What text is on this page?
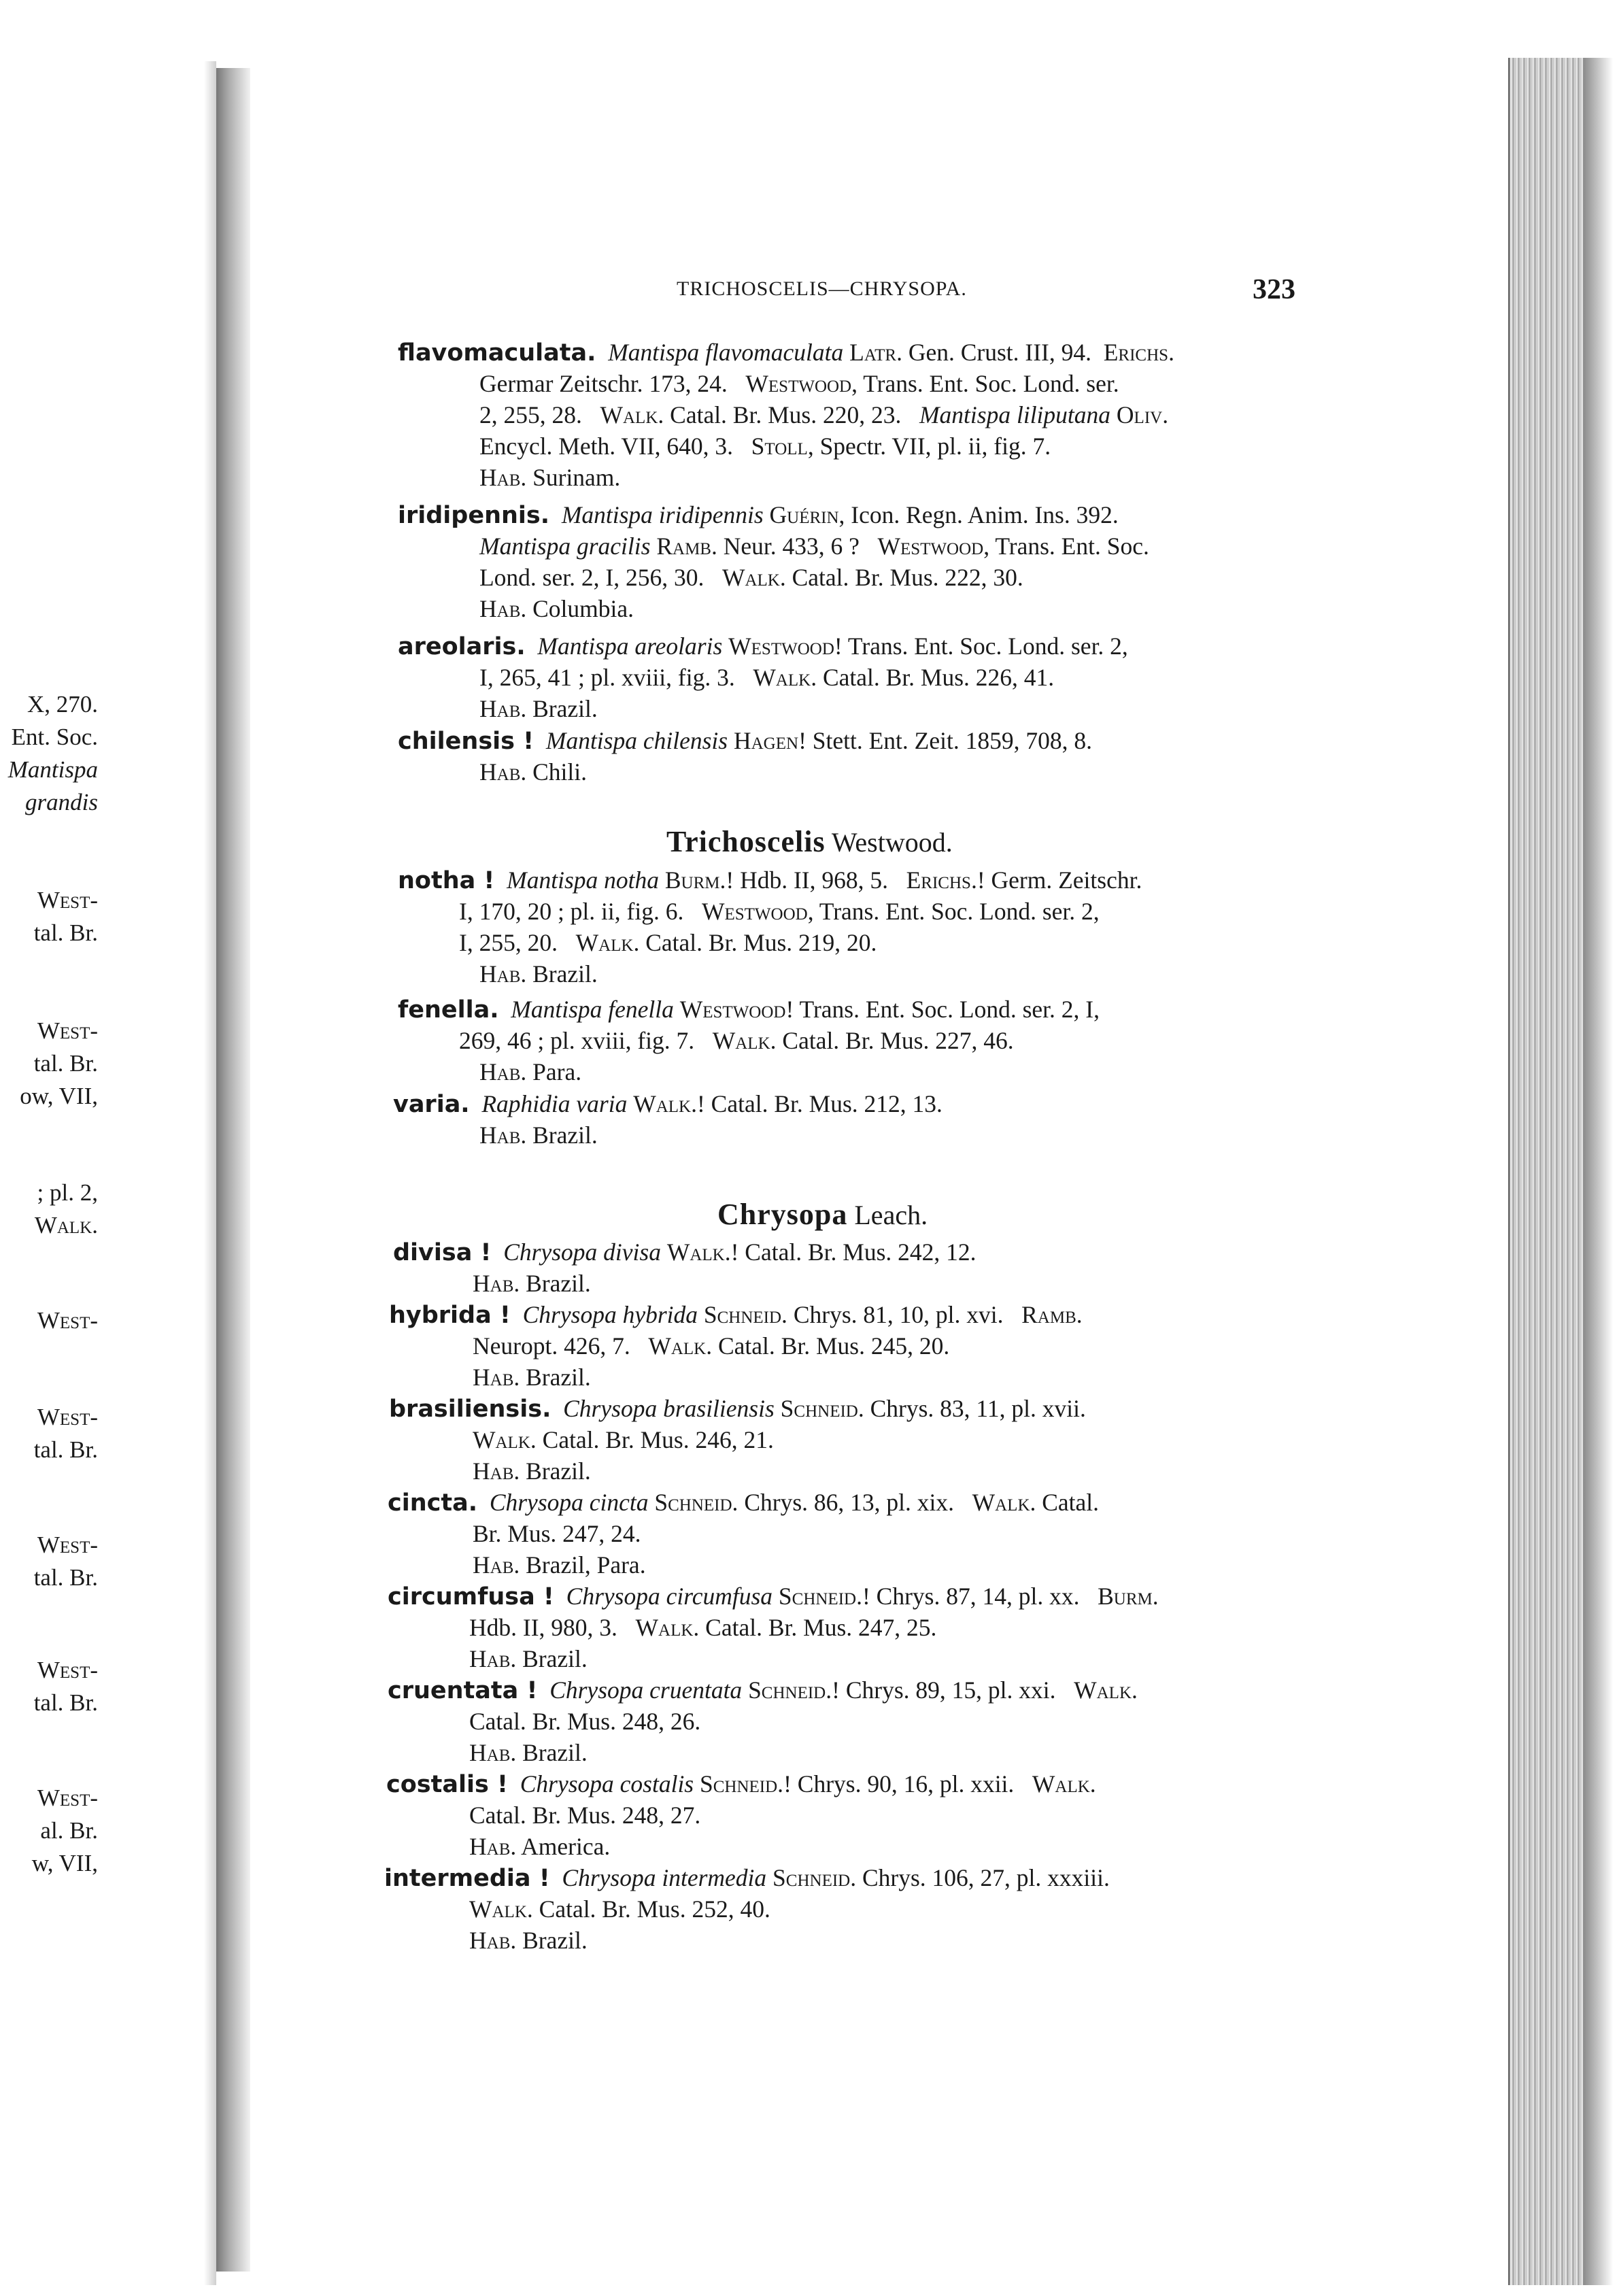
TRICHOSCELIS—CHRYSOPA.	323
flavomaculata. Mantispa flavomaculata Latr. Gen. Crust. III, 94.  Erichs.
Germar Zeitschr. 173, 24.   Westwood, Trans. Ent. Soc. Lond. ser.
2, 255, 28.   Walk. Catal. Br. Mus. 220, 23.   Mantispa liliputana Oliv.
Encycl. Meth. VII, 640, 3.   Stoll, Spectr. VII, pl. ii, fig. 7.
Hab. Surinam.
iridipennis. Mantispa iridipennis Guérin, Icon. Regn. Anim. Ins. 392.
Mantispa gracilis Ramb. Neur. 433, 6 ?   Westwood, Trans. Ent. Soc.
Lond. ser. 2, I, 256, 30.   Walk. Catal. Br. Mus. 222, 30.
Hab. Columbia.
areolaris. Mantispa areolaris Westwood! Trans. Ent. Soc. Lond. ser. 2,
I, 265, 41 ; pl. xviii, fig. 3.   Walk. Catal. Br. Mus. 226, 41.
Hab. Brazil.
chilensis ! Mantispa chilensis Hagen! Stett. Ent. Zeit. 1859, 708, 8.
Hab. Chili.
notha ! Mantispa notha Burm.! Hdb. II, 968, 5.   Erichs.! Germ. Zeitschr.
I, 170, 20 ; pl. ii, fig. 6.   Westwood, Trans. Ent. Soc. Lond. ser. 2,
I, 255, 20.   Walk. Catal. Br. Mus. 219, 20.
Hab. Brazil.
fenella. Mantispa fenella Westwood! Trans. Ent. Soc. Lond. ser. 2, I,
269, 46 ; pl. xviii, fig. 7.   Walk. Catal. Br. Mus. 227, 46.
Hab. Para.
varia. Raphidia varia Walk.! Catal. Br. Mus. 212, 13.
Hab. Brazil.
divisa ! Chrysopa divisa Walk.! Catal. Br. Mus. 242, 12.
Hab. Brazil.
hybrida ! Chrysopa hybrida Schneid. Chrys. 81, 10, pl. xvi.   Ramb.
Neuropt. 426, 7.   Walk. Catal. Br. Mus. 245, 20.
Hab. Brazil.
brasiliensis. Chrysopa brasiliensis Schneid. Chrys. 83, 11, pl. xvii.
Walk. Catal. Br. Mus. 246, 21.
Hab. Brazil.
cincta. Chrysopa cincta Schneid. Chrys. 86, 13, pl. xix.   Walk. Catal.
Br. Mus. 247, 24.
Hab. Brazil, Para.
circumfusa ! Chrysopa circumfusa Schneid.! Chrys. 87, 14, pl. xx.   Burm.
Hdb. II, 980, 3.   Walk. Catal. Br. Mus. 247, 25.
Hab. Brazil.
cruentata ! Chrysopa cruentata Schneid.! Chrys. 89, 15, pl. xxi.   Walk.
Catal. Br. Mus. 248, 26.
Hab. Brazil.
costalis ! Chrysopa costalis Schneid.! Chrys. 90, 16, pl. xxii.   Walk.
Catal. Br. Mus. 248, 27.
Hab. America.
intermedia ! Chrysopa intermedia Schneid. Chrys. 106, 27, pl. xxxiii.
Walk. Catal. Br. Mus. 252, 40.
Hab. Brazil.
Trichoscelis Westwood.
Chrysopa Leach.
X, 270.
Ent. Soc.
Mantispa
grandis
West-
tal. Br.
West-
tal. Br.
ow, VII,
; pl. 2,
Walk.
West-
West-
tal. Br.
West-
tal. Br.
West-
tal. Br.
West-
al. Br.
w, VII,
